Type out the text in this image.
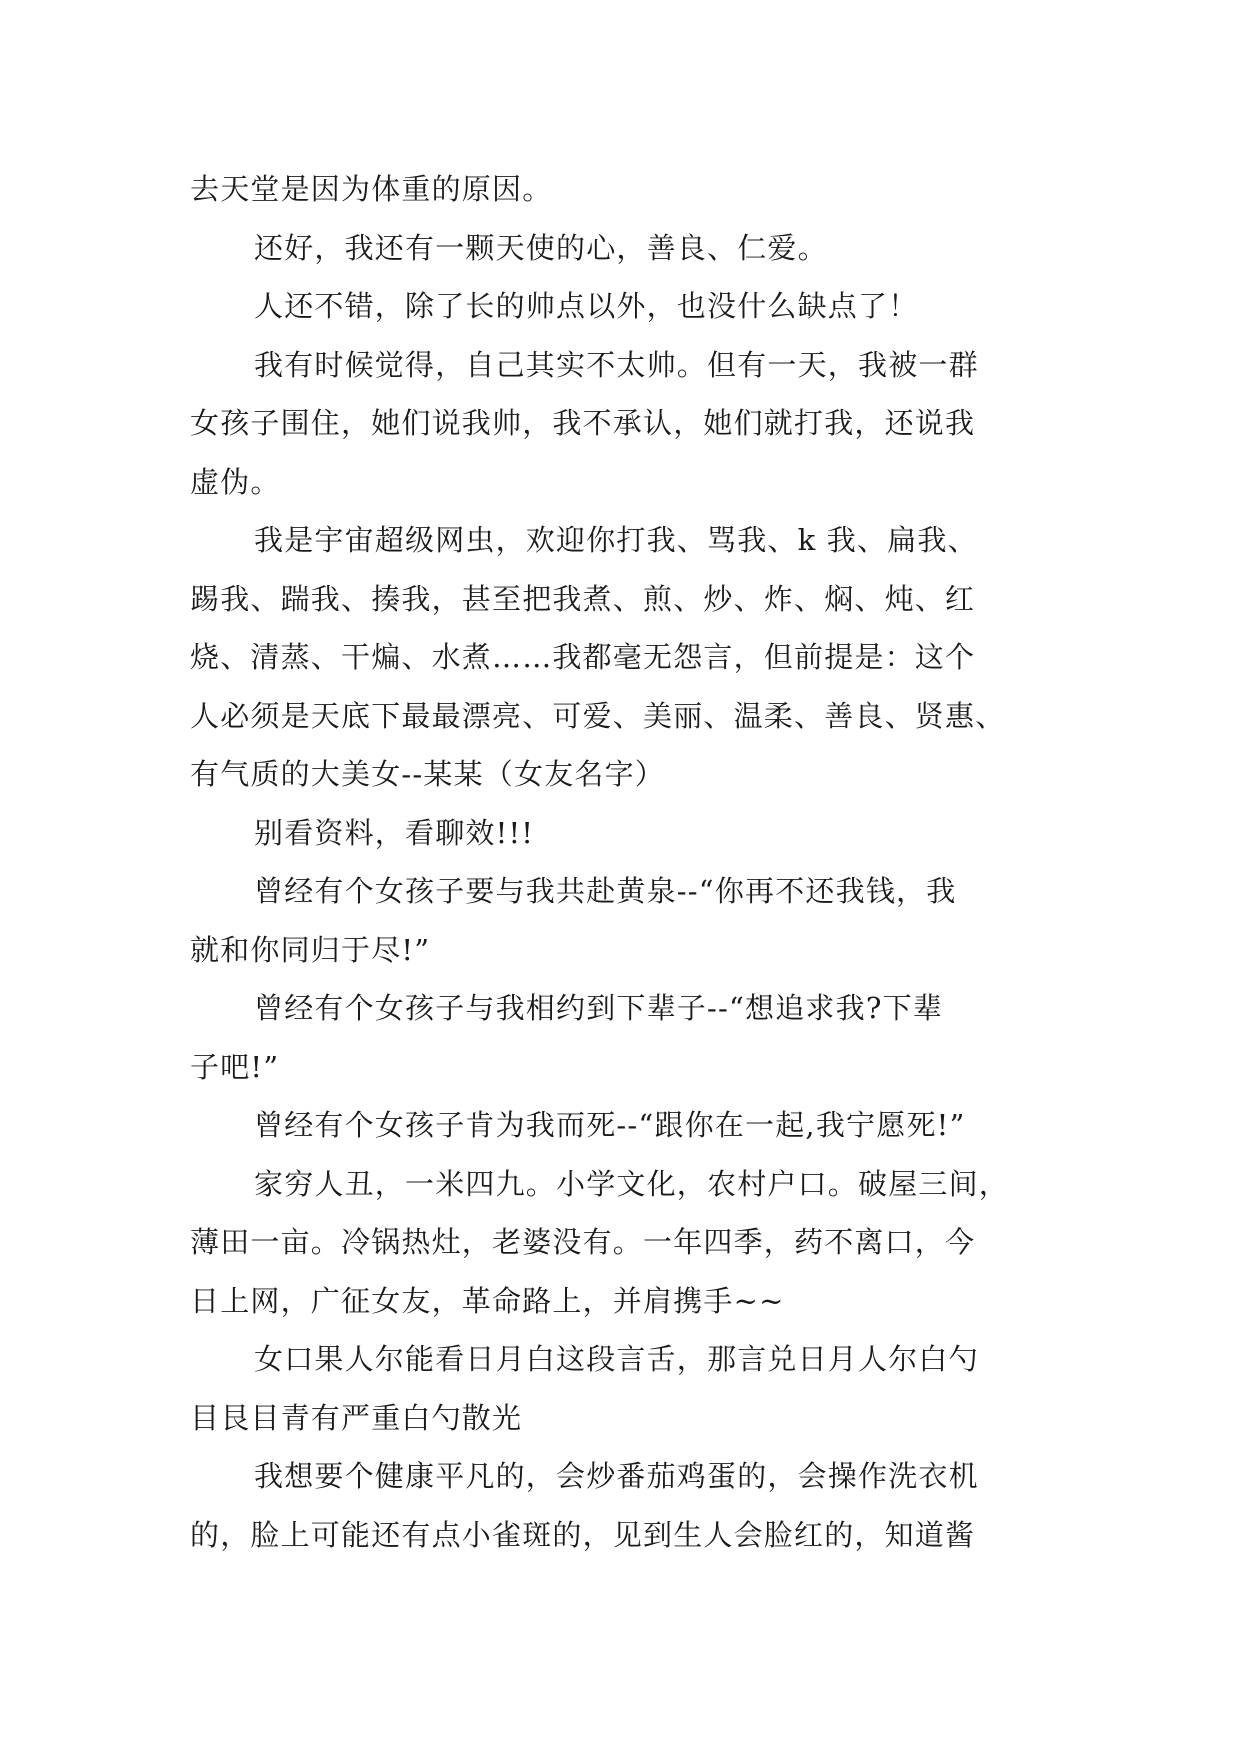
去天堂是因为体重的原因。
还好，我还有一颗天使的心，善良、仁爱。
人还不错，除了长的帅点以外，也没什么缺点了！
我有时候觉得，自己其实不太帅。但有一天，我被一群
女孩子围住，她们说我帅，我不承认，她们就打我，还说我
虚伪。
我是宇宙超级网虫，欢迎你打我、骂我、k 我、扁我、
踢我、踹我、揍我，甚至把我煮、煎、炒、炸、焖、炖、红
烧、清蒸、干煸、水煮……我都毫无怨言，但前提是：这个
人必须是天底下最最漂亮、可爱、美丽、温柔、善良、贤惠、
有气质的大美女--某某（女友名字）
别看资料，看聊效!!!
曾经有个女孩子要与我共赴黄泉--“你再不还我钱，我
就和你同归于尽!”
曾经有个女孩子与我相约到下辈子--“想追求我?下辈
子吧!”
曾经有个女孩子肯为我而死--“跟你在一起,我宁愿死!”
家穷人丑，一米四九。小学文化，农村户口。破屋三间，
薄田一亩。冷锅热灶，老婆没有。一年四季，药不离口，今
日上网，广征女友，革命路上，并肩携手~~
女口果人尔能看日月白这段言舌，那言兑日月人尔白勺
目艮目青有严重白勺散光
我想要个健康平凡的，会炒番茄鸡蛋的，会操作洗衣机
的，脸上可能还有点小雀斑的，见到生人会脸红的，知道酱
